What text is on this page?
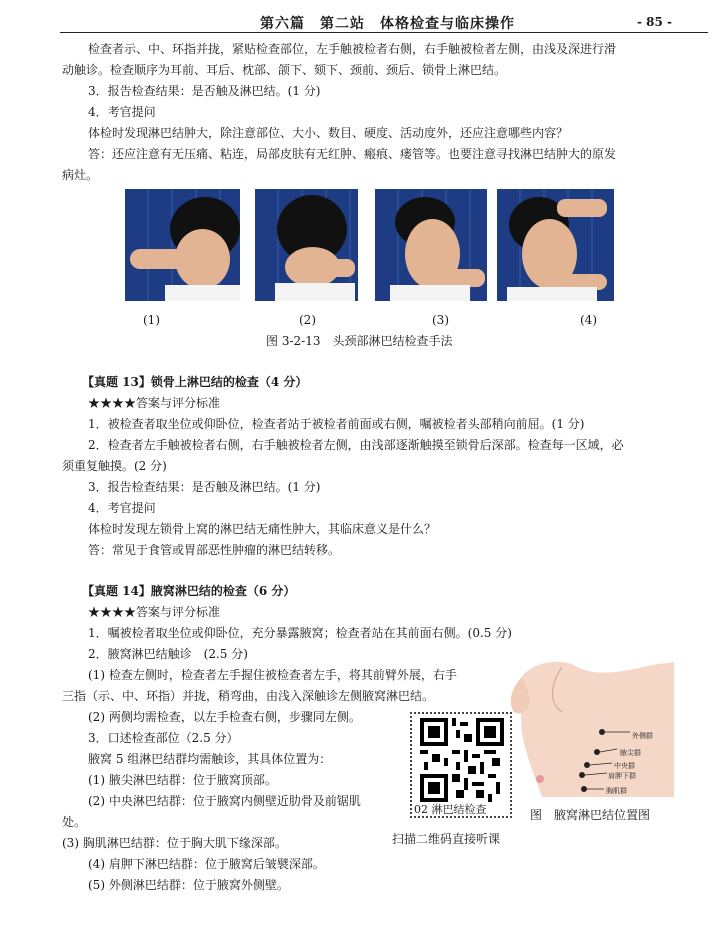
第六篇　第二站　体格检查与临床操作	- 85 -
检查者示、中、环指并拢，紧贴检查部位，左手触被检者右侧，右手触被检者左侧，由浅及深进行滑
动触诊。检查顺序为耳前、耳后、枕部、颌下、颏下、颈前、颈后、锁骨上淋巴结。
3．报告检查结果：是否触及淋巴结。(1 分)
4．考官提问
体检时发现淋巴结肿大，除注意部位、大小、数目、硬度、活动度外，还应注意哪些内容？
答：还应注意有无压痛、粘连，局部皮肤有无红肿、瘢痕、瘘管等。也要注意寻找淋巴结肿大的原发
病灶。
(1)	(2)	(3)	(4)
图 3-2-13　头颈部淋巴结检查手法
【真题 13】锁骨上淋巴结的检查（4 分）
★★★★答案与评分标准
1．被检查者取坐位或仰卧位，检查者站于被检者前面或右侧，嘱被检者头部稍向前屈。(1 分)
2．检查者左手触被检者右侧，右手触被检者左侧，由浅部逐渐触摸至锁骨后深部。检查每一区域，必
须重复触摸。(2 分)
3．报告检查结果：是否触及淋巴结。(1 分)
4．考官提问
体检时发现左锁骨上窝的淋巴结无痛性肿大，其临床意义是什么？
答：常见于食管或胃部恶性肿瘤的淋巴结转移。
【真题 14】腋窝淋巴结的检查（6 分）
★★★★答案与评分标准
1．嘱被检者取坐位或仰卧位，充分暴露腋窝；检查者站在其前面右侧。(0.5 分)
2．腋窝淋巴结触诊　(2.5 分)
(1) 检查左侧时，检查者左手握住被检查者左手，将其前臂外展，右手
三指（示、中、环指）并拢，稍弯曲，由浅入深触诊左侧腋窝淋巴结。
(2) 两侧均需检查，以左手检查右侧，步骤同左侧。
3．口述检查部位（2.5 分）
腋窝 5 组淋巴结群均需触诊，其具体位置为：
(1) 腋尖淋巴结群：位于腋窝顶部。
(2) 中央淋巴结群：位于腋窝内侧壁近肋骨及前锯肌
处。
(3) 胸肌淋巴结群：位于胸大肌下缘深部。
(4) 肩胛下淋巴结群：位于腋窝后皱襞深部。
(5) 外侧淋巴结群：位于腋窝外侧壁。
外侧群
腋尖群
中央群
肩胛下群
胸肌群
图　腋窝淋巴结位置图
02 淋巴结检查
扫描二维码直接听课
